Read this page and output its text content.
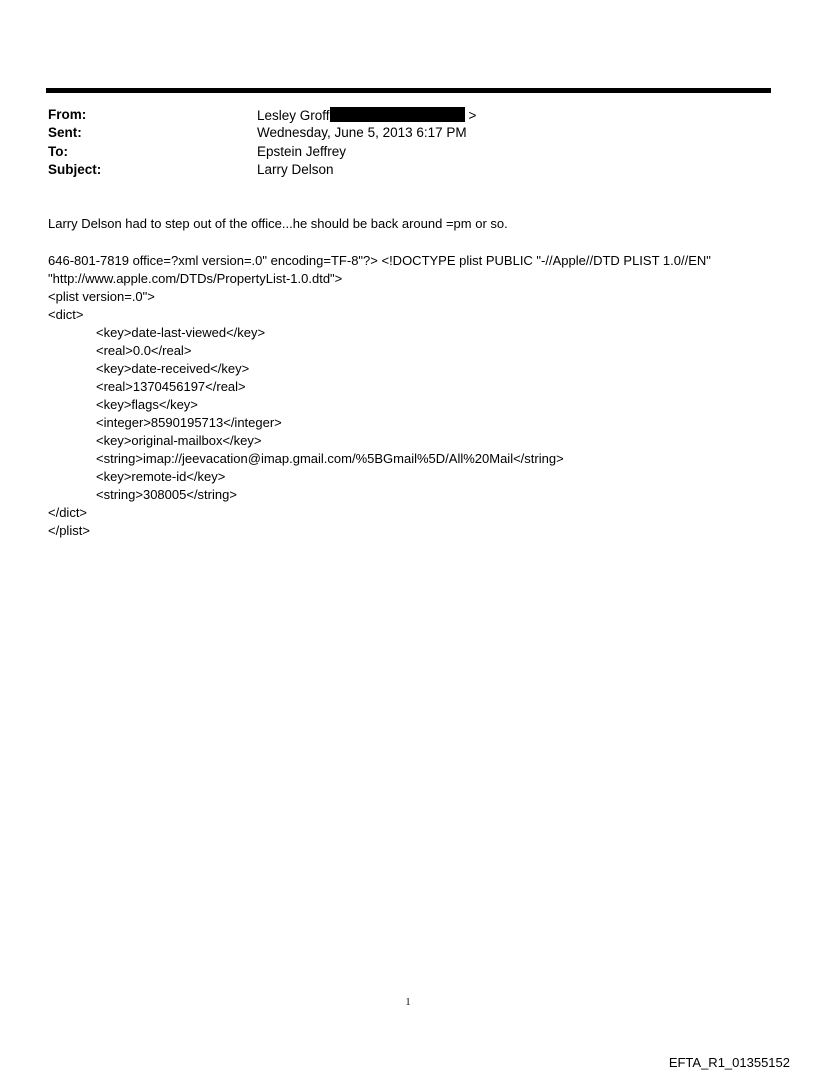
From:	Lesley Groff	>
Sent:	Wednesday, June 5, 2013 6:17 PM
To:	Epstein Jeffrey
Subject:	Larry Delson
Larry Delson had to step out of the office...he should be back around =pm or so.
646-801-7819 office=?xml version=.0" encoding=TF-8"?> <!DOCTYPE plist PUBLIC "-//Apple//DTD PLIST 1.0//EN"
"http://www.apple.com/DTDs/PropertyList-1.0.dtd">
<plist version=.0">
<dict>
<key>date-last-viewed</key>
<real>0.0</real>
<key>date-received</key>
<real>1370456197</real>
<key>flags</key>
<integer>8590195713</integer>
<key>original-mailbox</key>
<string>imap://jeevacation@imap.gmail.com/%5BGmail%5D/All%20Mail</string>
<key>remote-id</key>
<string>308005</string>
</dict>
</plist>
1
EFTA_R1_01355152
